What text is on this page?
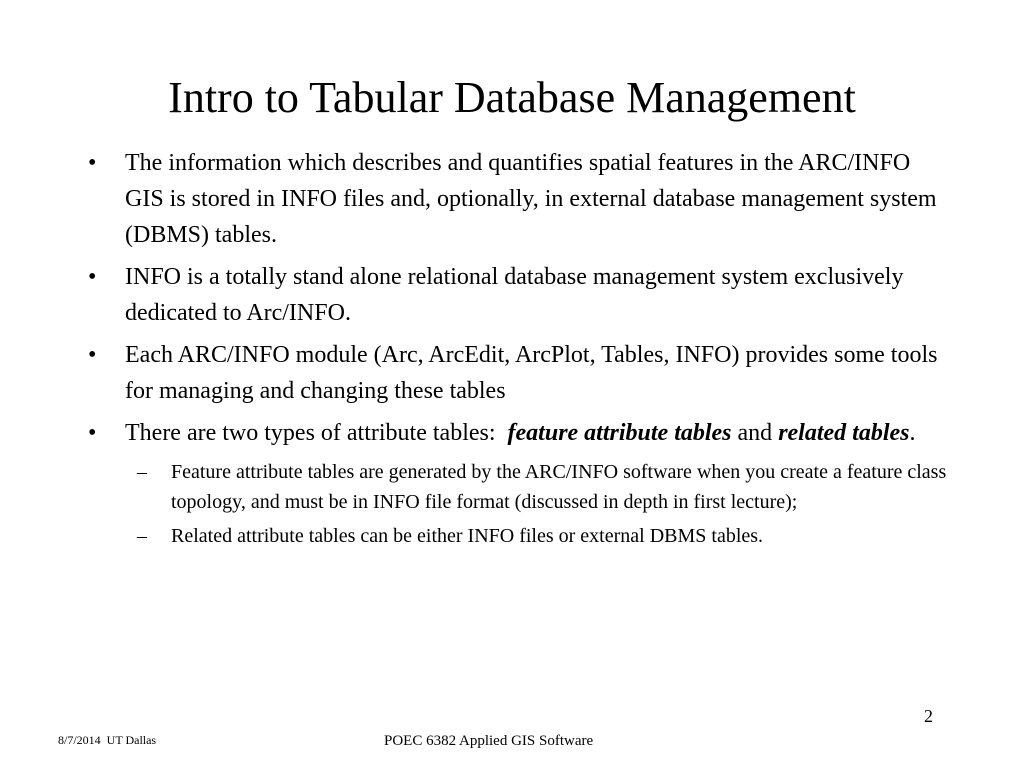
Intro to Tabular Database Management
• The information which describes and quantifies spatial features in the ARC/INFO GIS is stored in INFO files and, optionally, in external database management system (DBMS) tables.
• INFO is a totally stand alone relational database management system exclusively dedicated to Arc/INFO.
• Each ARC/INFO module (Arc, ArcEdit, ArcPlot, Tables, INFO) provides some tools for managing and changing these tables
• There are two types of attribute tables:  feature attribute tables and related tables.
– Feature attribute tables are generated by the ARC/INFO software when you create a feature class topology, and must be in INFO file format (discussed in depth in first lecture);
– Related attribute tables can be either INFO files or external DBMS tables.
2
8/7/2014  UT Dallas	POEC 6382 Applied GIS Software
